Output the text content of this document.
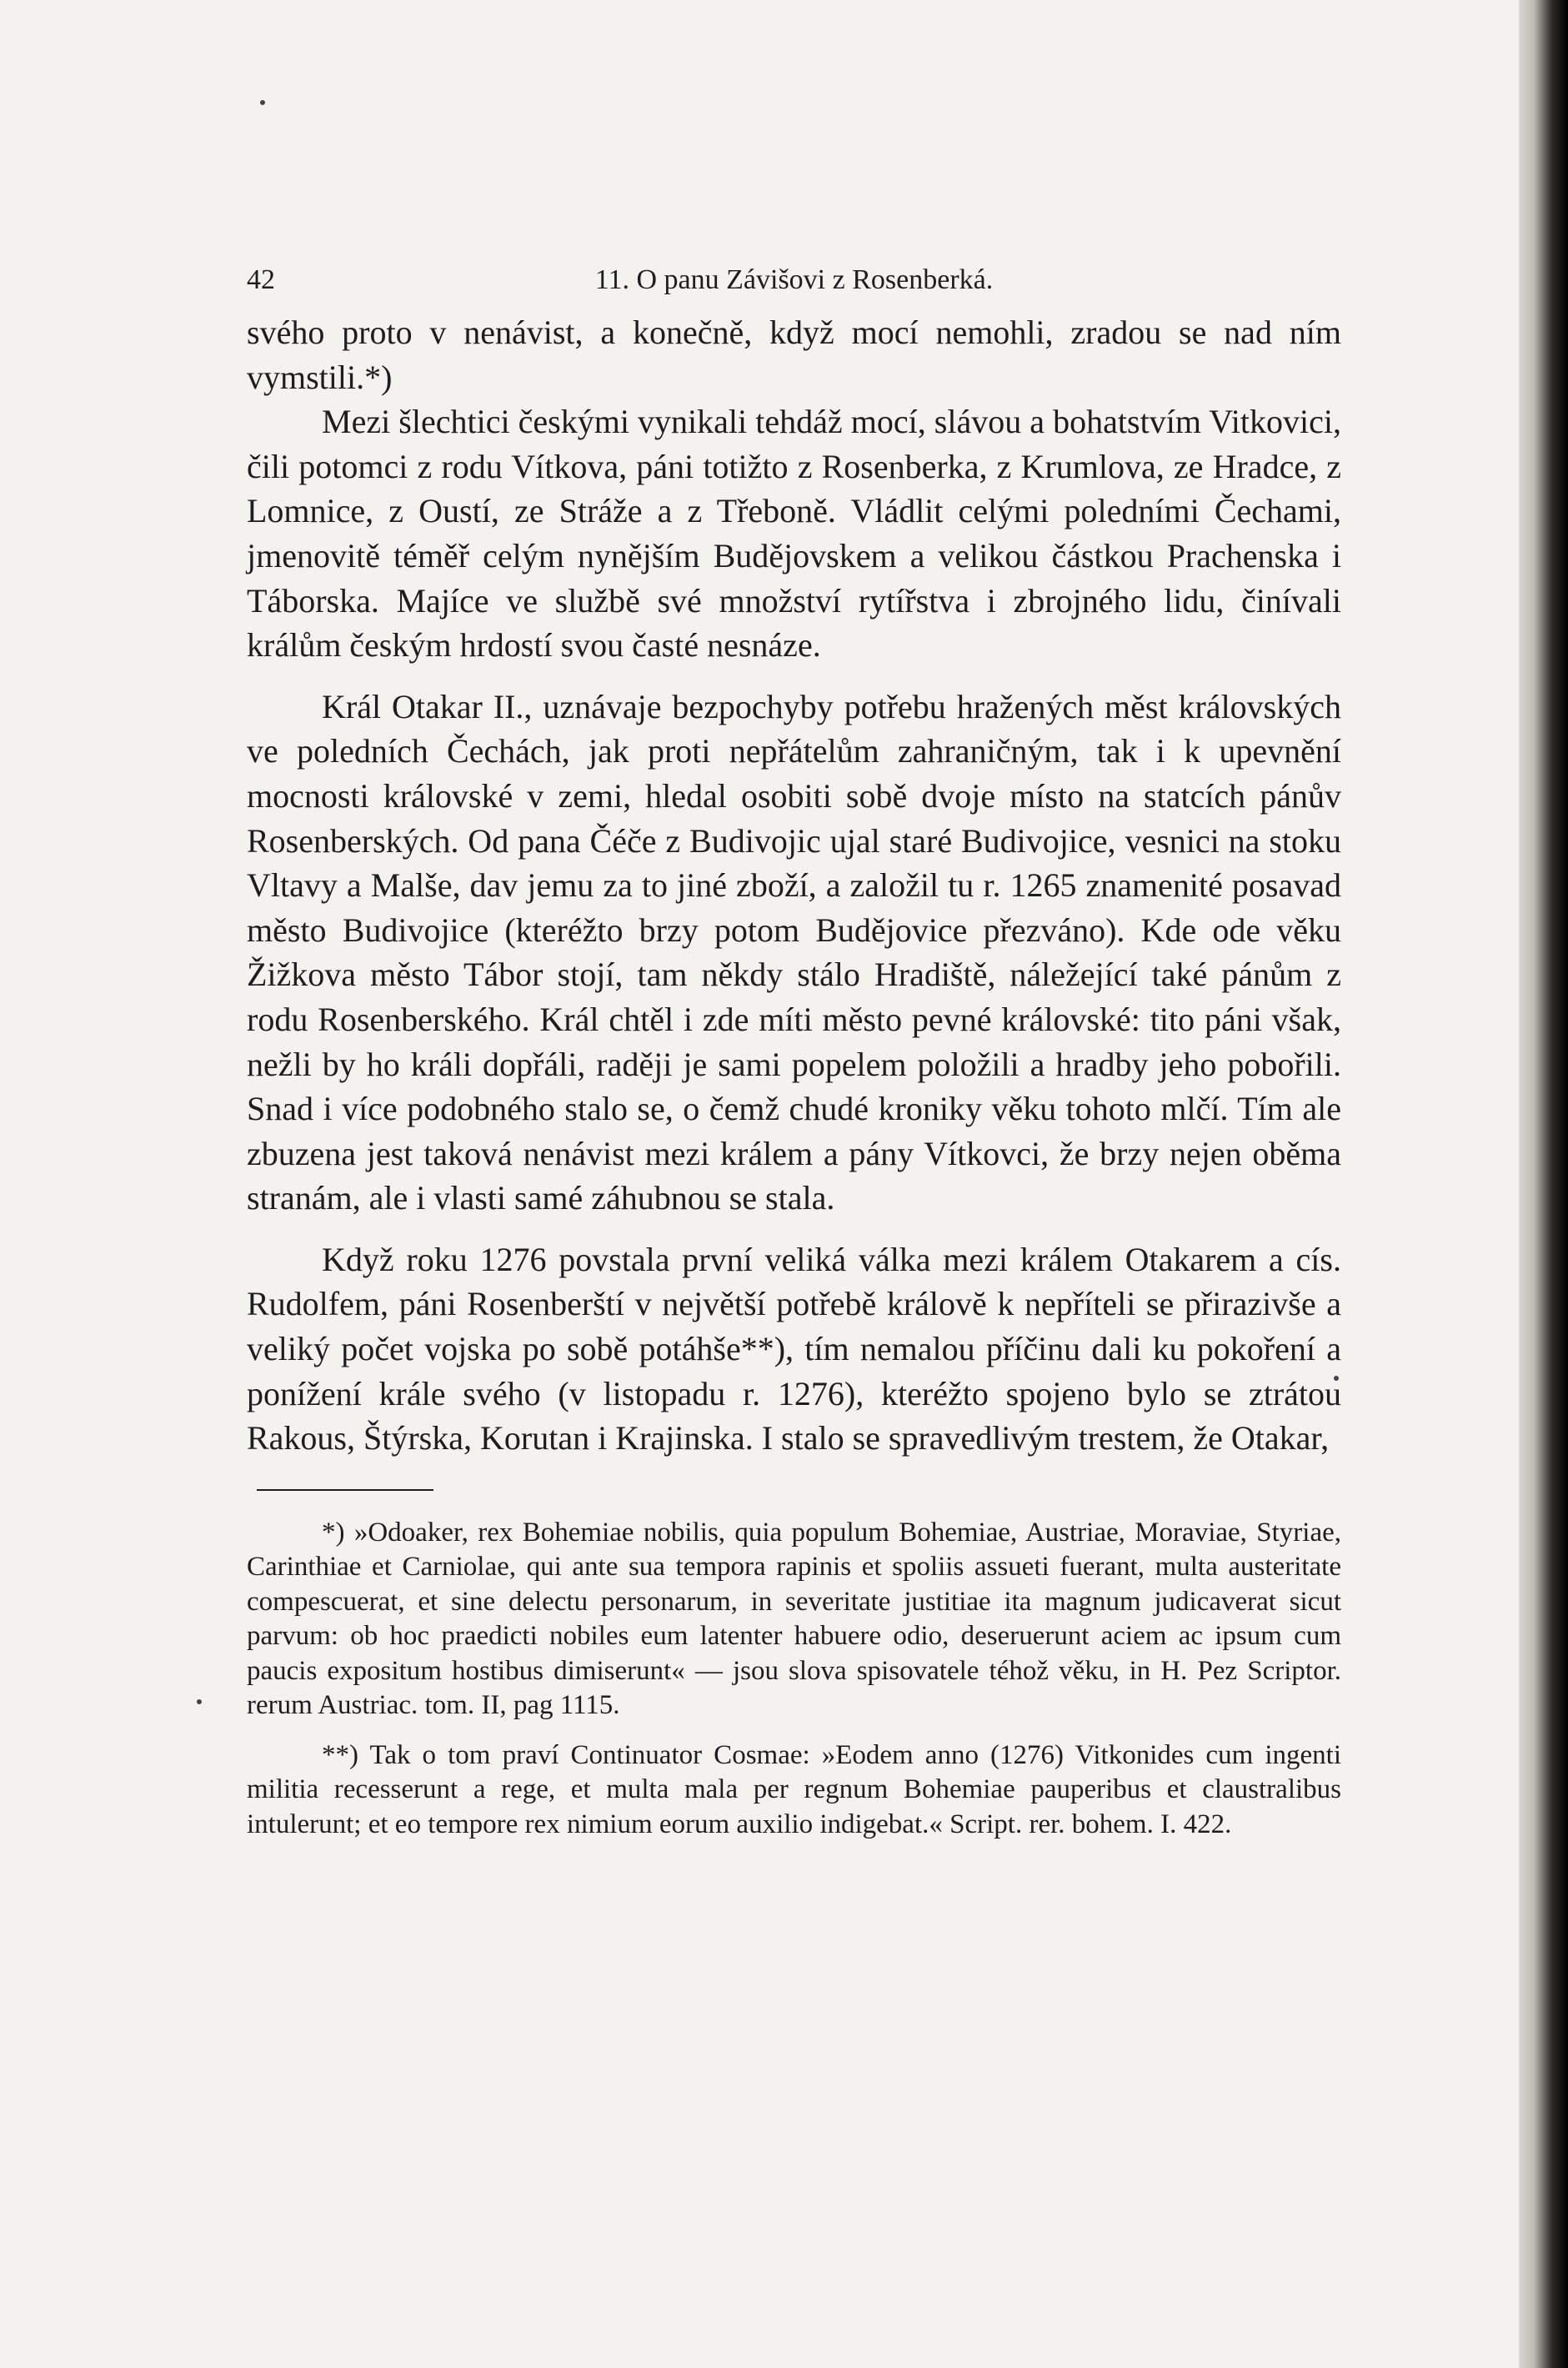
42	11. O panu Závišovi z Rosenberká.

svého proto v nenávist, a konečně, když mocí nemohli, zradou se nad ním vymstili.*)

Mezi šlechtici českými vynikali tehdáž mocí, slávou a bohatstvím Vitkovici, čili potomci z rodu Vítkova, páni totižto z Rosenberka, z Krumlova, ze Hradce, z Lomnice, z Oustí, ze Stráže a z Třeboně. Vládlit celými poledními Čechami, jmenovitě téměř celým nynějším Budějovskem a velikou částkou Prachenska i Táborska. Majíce ve službě své množství rytířstva i zbrojného lidu, činívali králům českým hrdostí svou časté nesnáze.

Král Otakar II., uznávaje bezpochyby potřebu hražených měst královských ve poledních Čechách, jak proti nepřátelům zahraničným, tak i k upevnění mocnosti královské v zemi, hledal osobiti sobě dvoje místo na statcích pánův Rosenberských. Od pana Čéče z Budivojic ujal staré Budivojice, vesnici na stoku Vltavy a Malše, dav jemu za to jiné zboží, a založil tu r. 1265 znamenité posavad město Budivojice (kteréžto brzy potom Budějovice přezváno). Kde ode věku Žižkova město Tábor stojí, tam někdy stálo Hradiště, náležející také pánům z rodu Rosenberského. Král chtěl i zde míti město pevné královské: tito páni však, nežli by ho králi dopřáli, raději je sami popelem položili a hradby jeho pobořili. Snad i více podobného stalo se, o čemž chudé kroniky věku tohoto mlčí. Tím ale zbuzena jest taková nenávist mezi králem a pány Vítkovci, že brzy nejen oběma stranám, ale i vlasti samé záhubnou se stala.

Když roku 1276 povstala první veliká válka mezi králem Otakarem a cís. Rudolfem, páni Rosenberští v největší potřebě královĕ k nepříteli se přirazivše a veliký počet vojska po sobě potáhše**), tím nemalou příčinu dali ku pokoření a ponížení krále svého (v listopadu r. 1276), kteréžto spojeno bylo se ztrátou Rakous, Štýrska, Korutan i Krajinska. I stalo se spravedlivým trestem, že Otakar,

*) »Odoaker, rex Bohemiae nobilis, quia populum Bohemiae, Austriae, Moraviae, Styriae, Carinthiae et Carniolae, qui ante sua tempora rapinis et spoliis assueti fuerant, multa austeritate compescuerat, et sine delectu personarum, in severitate justitiae ita magnum judicaverat sicut parvum: ob hoc praedicti nobiles eum latenter habuere odio, deseruerunt aciem ac ipsum cum paucis expositum hostibus dimiserunt« — jsou slova spisovatele téhož věku, in H. Pez Scriptor. rerum Austriac. tom. II, pag 1115.

**) Tak o tom praví Continuator Cosmae: »Eodem anno (1276) Vitkonides cum ingenti militia recesserunt a rege, et multa mala per regnum Bohemiae pauperibus et claustralibus intulerunt; et eo tempore rex nimium eorum auxilio indigebat.« Script. rer. bohem. I. 422.
